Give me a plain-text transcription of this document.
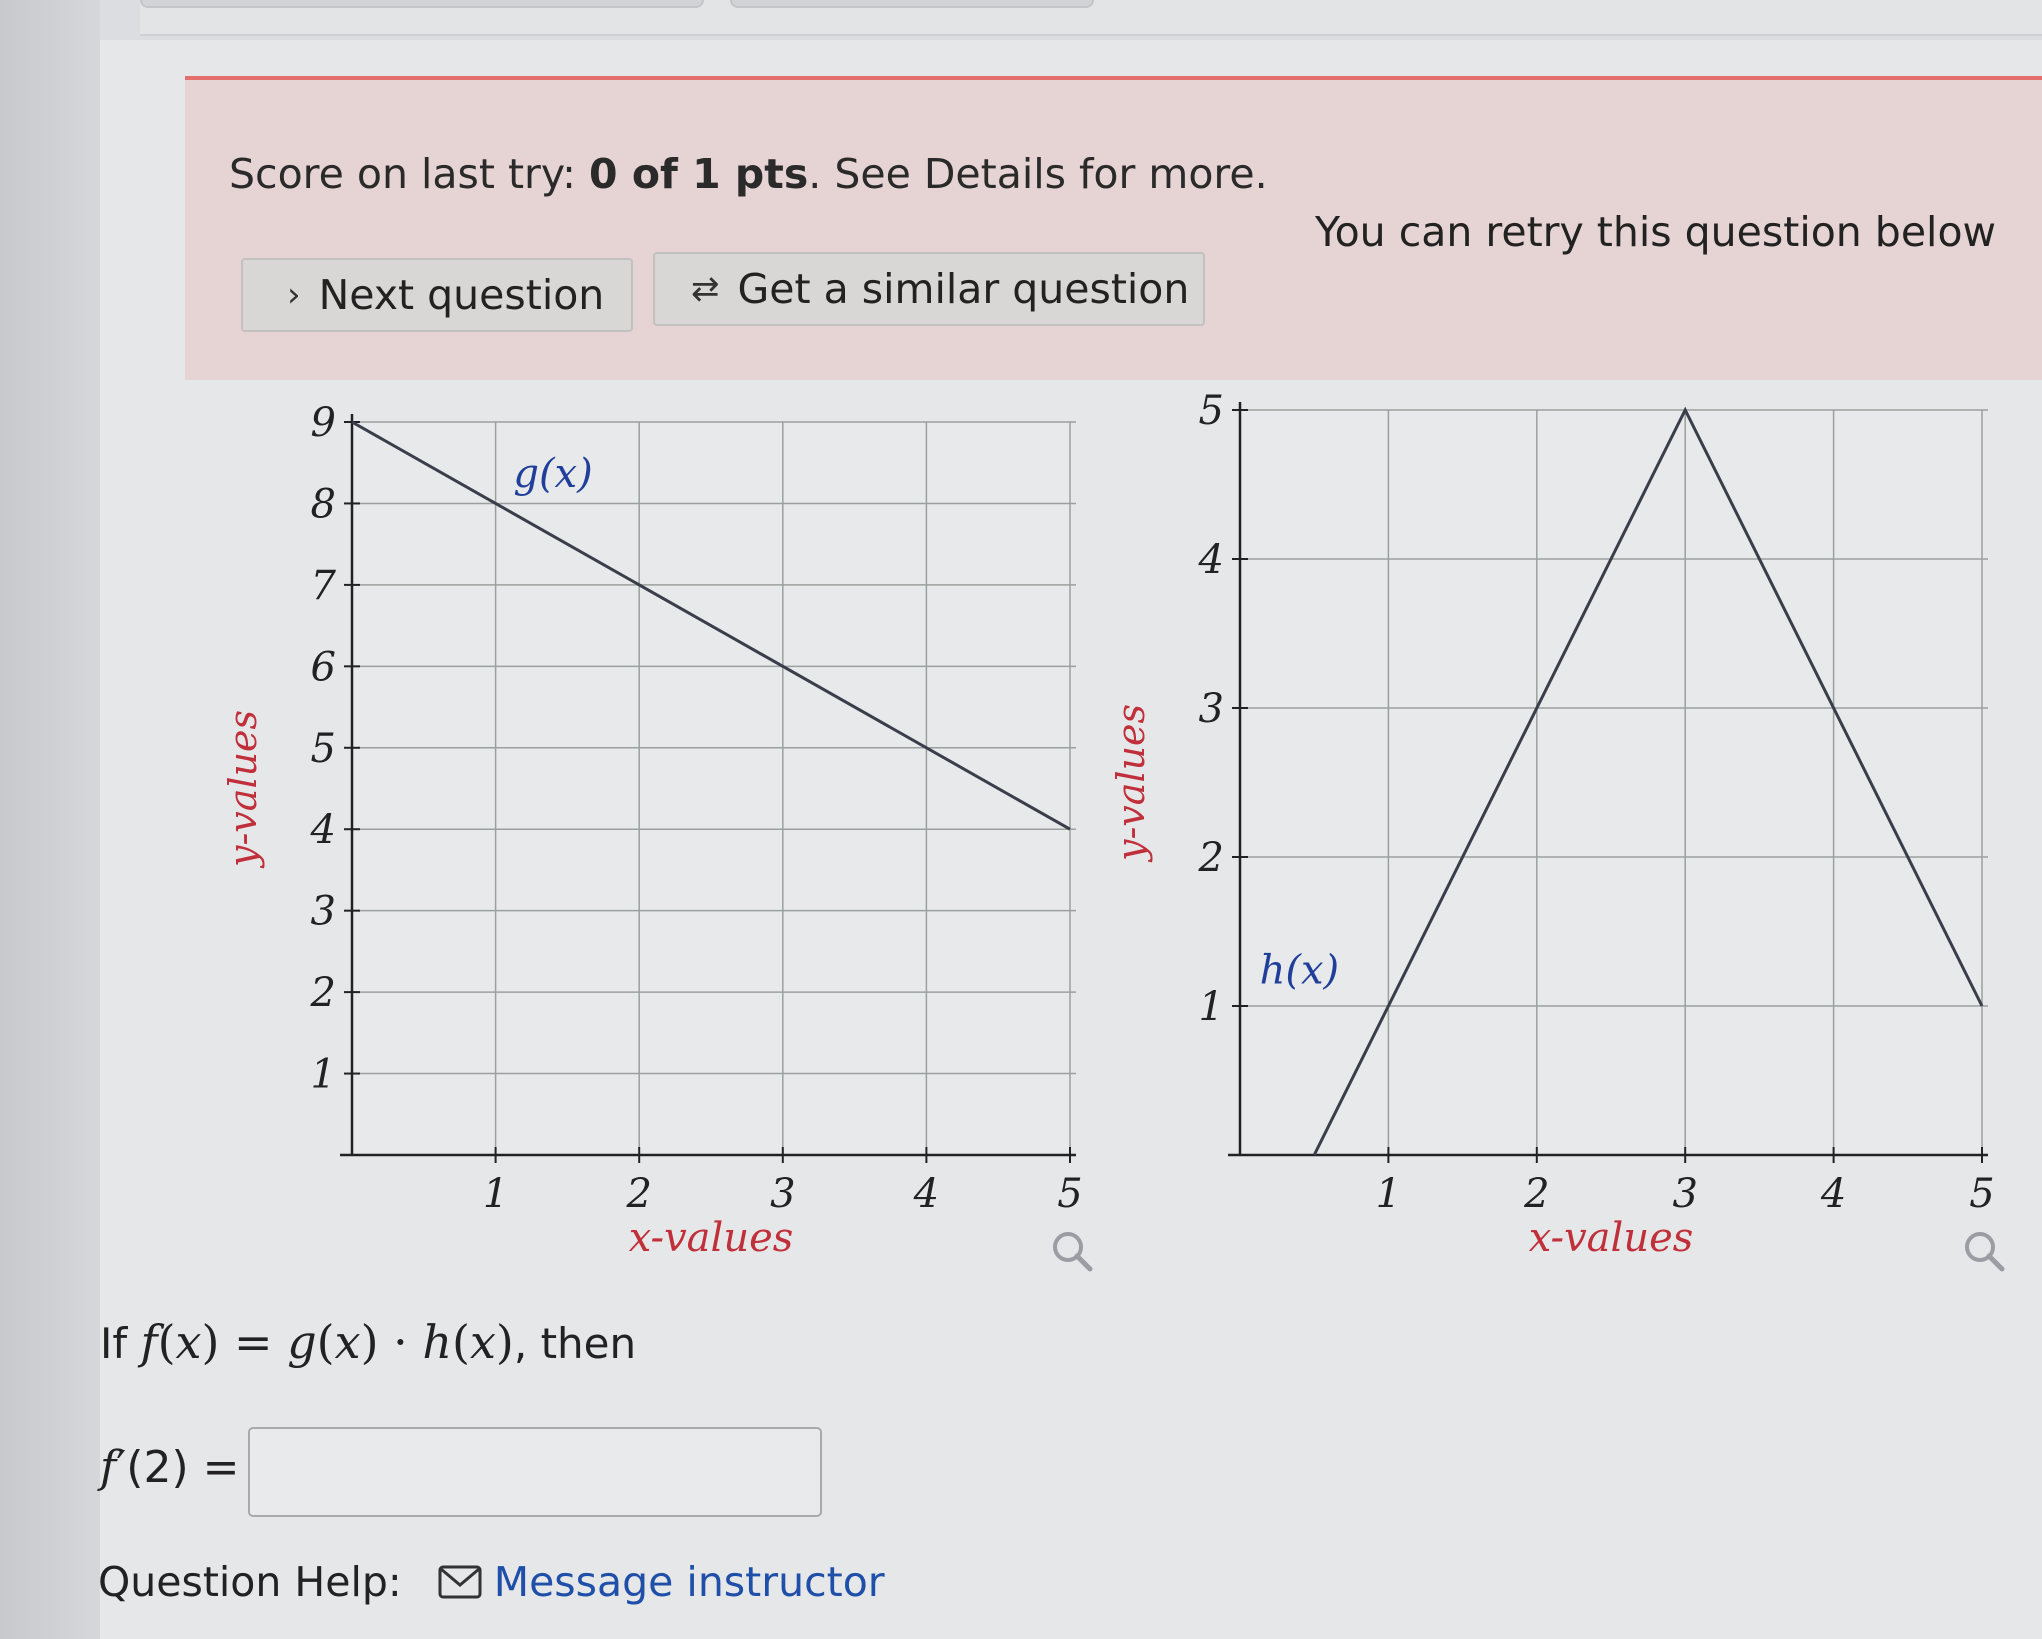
Score on last try: 0 of 1 pts. See Details for more.
› Next question	⇄ Get a similar question
You can retry this question below
1	2	3	4	5
1
2
3
4
5
6
7
8
9
x-values
y-values
g(x)
1	2	3	4	5
1
2
3
4
5
x-values
y-values
h(x)
If f(x) = g(x) · h(x), then
f′(2) =
Question Help: Message instructor
